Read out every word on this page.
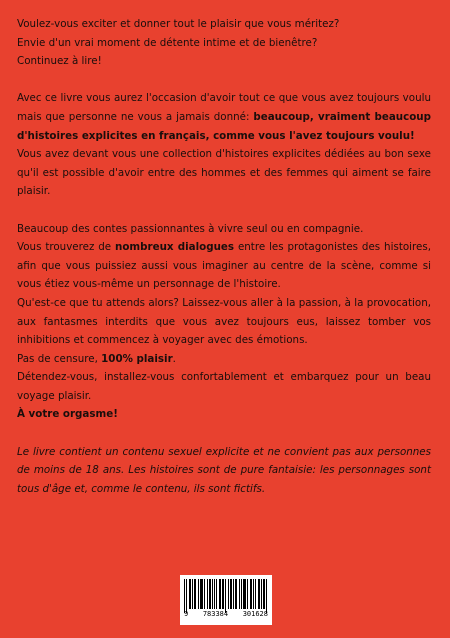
Voulez-vous exciter et donner tout le plaisir que vous méritez?

Envie d'un vrai moment de détente intime et de bienêtre?

Continuez à lire!

Avec ce livre vous aurez l'occasion d'avoir tout ce que vous avez toujours voulu mais que personne ne vous a jamais donné: beaucoup, vraiment beaucoup d'histoires explicites en français, comme vous l'avez toujours voulu!

Vous avez devant vous une collection d'histoires explicites dédiées au bon sexe qu'il est possible d'avoir entre des hommes et des femmes qui aiment se faire plaisir.

Beaucoup des contes passionnantes à vivre seul ou en compagnie.

Vous trouverez de nombreux dialogues entre les protagonistes des histoires, afin que vous puissiez aussi vous imaginer au centre de la scène, comme si vous étiez vous-même un personnage de l'histoire.

Qu'est-ce que tu attends alors? Laissez-vous aller à la passion, à la provocation, aux fantasmes interdits que vous avez toujours eus, laissez tomber vos inhibitions et commencez à voyager avec des émotions.

Pas de censure, 100% plaisir.

Détendez-vous, installez-vous confortablement et embarquez pour un beau voyage plaisir.

À votre orgasme!

Le livre contient un contenu sexuel explicite et ne convient pas aux personnes de moins de 18 ans. Les histoires sont de pure fantaisie: les personnages sont tous d'âge et, comme le contenu, ils sont fictifs.

9 783384 301628
